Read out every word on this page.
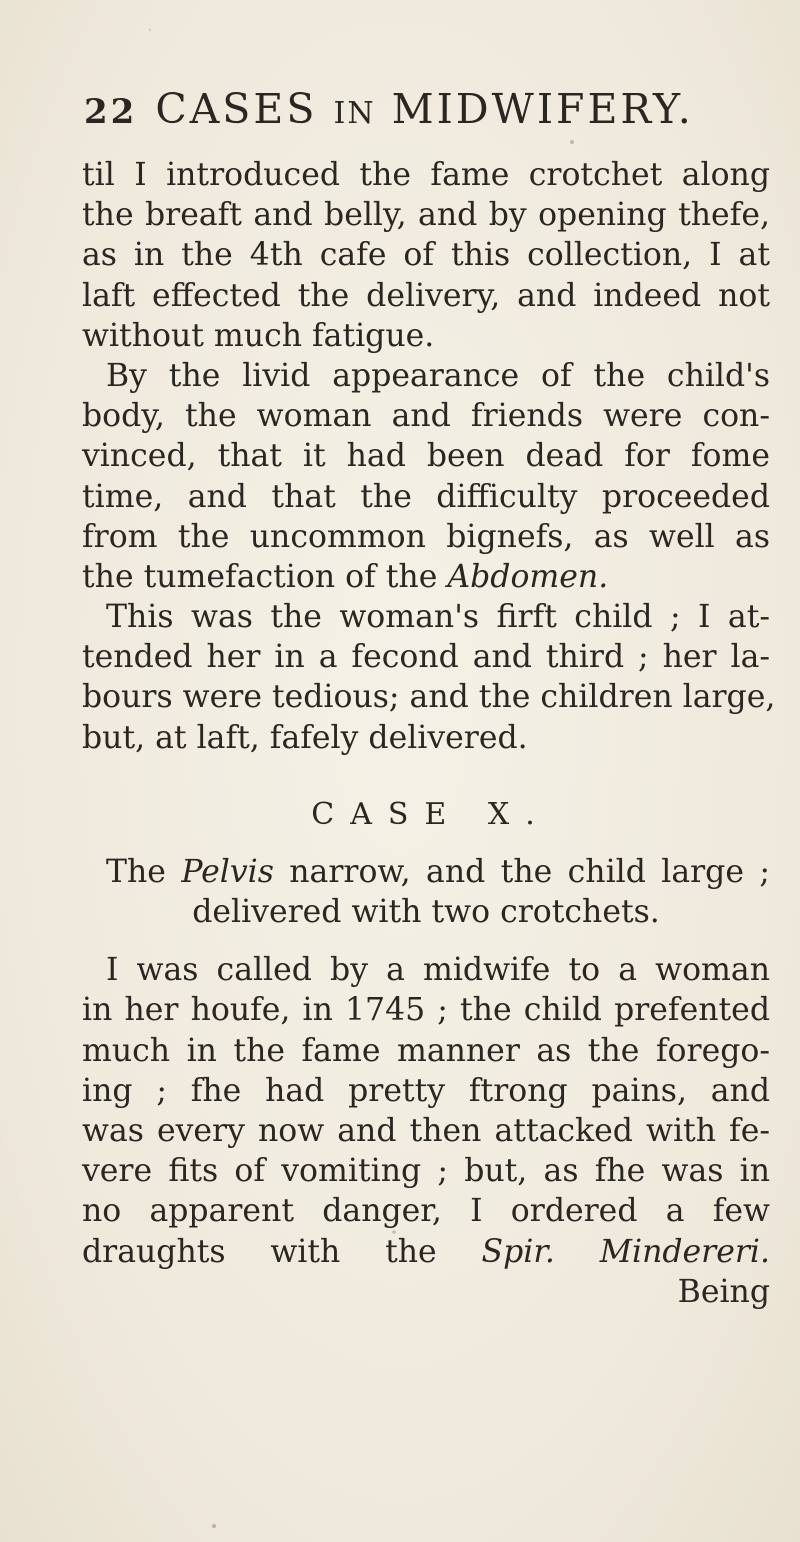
22 CASES IN MIDWIFERY.
til I introduced the fame crotchet along
the breaft and belly, and by opening thefe,
as in the 4th cafe of this collection, I at
laft effected the delivery, and indeed not
without much fatigue.
By the livid appearance of the child's
body, the woman and friends were con-
vinced, that it had been dead for fome
time, and that the difficulty proceeded
from the uncommon bignefs, as well as
the tumefaction of the Abdomen.
This was the woman's firft child ; I at-
tended her in a fecond and third ; her la-
bours were tedious; and the children large,
but, at laft, fafely delivered.
CASE X.
The Pelvis narrow, and the child large ;
delivered with two crotchets.
I was called by a midwife to a woman
in her houfe, in 1745 ; the child prefented
much in the fame manner as the forego-
ing ; fhe had pretty ftrong pains, and
was every now and then attacked with fe-
vere fits of vomiting ; but, as fhe was in
no apparent danger, I ordered a few
draughts with the Spir. Mindereri.
Being
